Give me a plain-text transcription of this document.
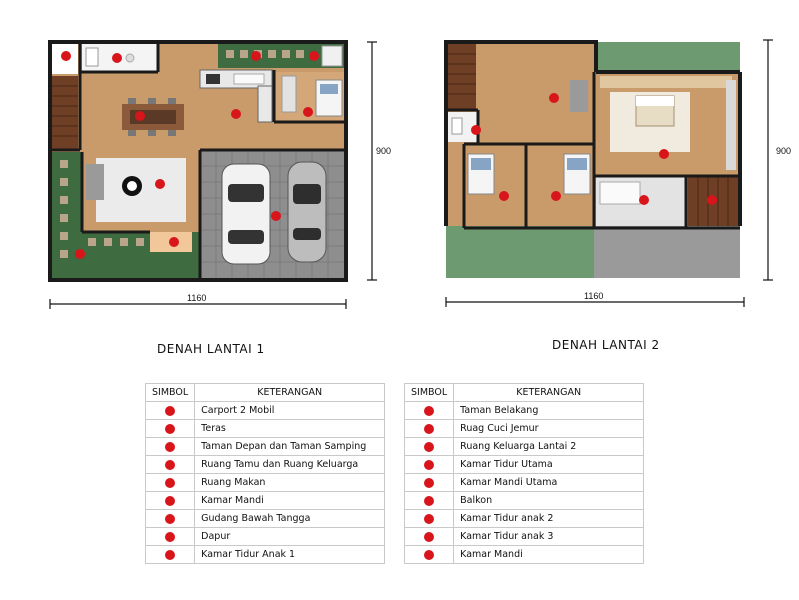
1160
900
DENAH LANTAI 1
1160
900
DENAH LANTAI 2
SIMBOL	KETERANGAN
	Carport 2 Mobil
	Teras
	Taman Depan dan Taman Samping
	Ruang Tamu dan Ruang Keluarga
	Ruang Makan
	Kamar Mandi
	Gudang Bawah Tangga
	Dapur
	Kamar Tidur Anak 1
SIMBOL	KETERANGAN
	Taman Belakang
	Ruag Cuci Jemur
	Ruang Keluarga Lantai 2
	Kamar Tidur Utama
	Kamar Mandi Utama
	Balkon
	Kamar Tidur anak 2
	Kamar Tidur anak 3
	Kamar Mandi
